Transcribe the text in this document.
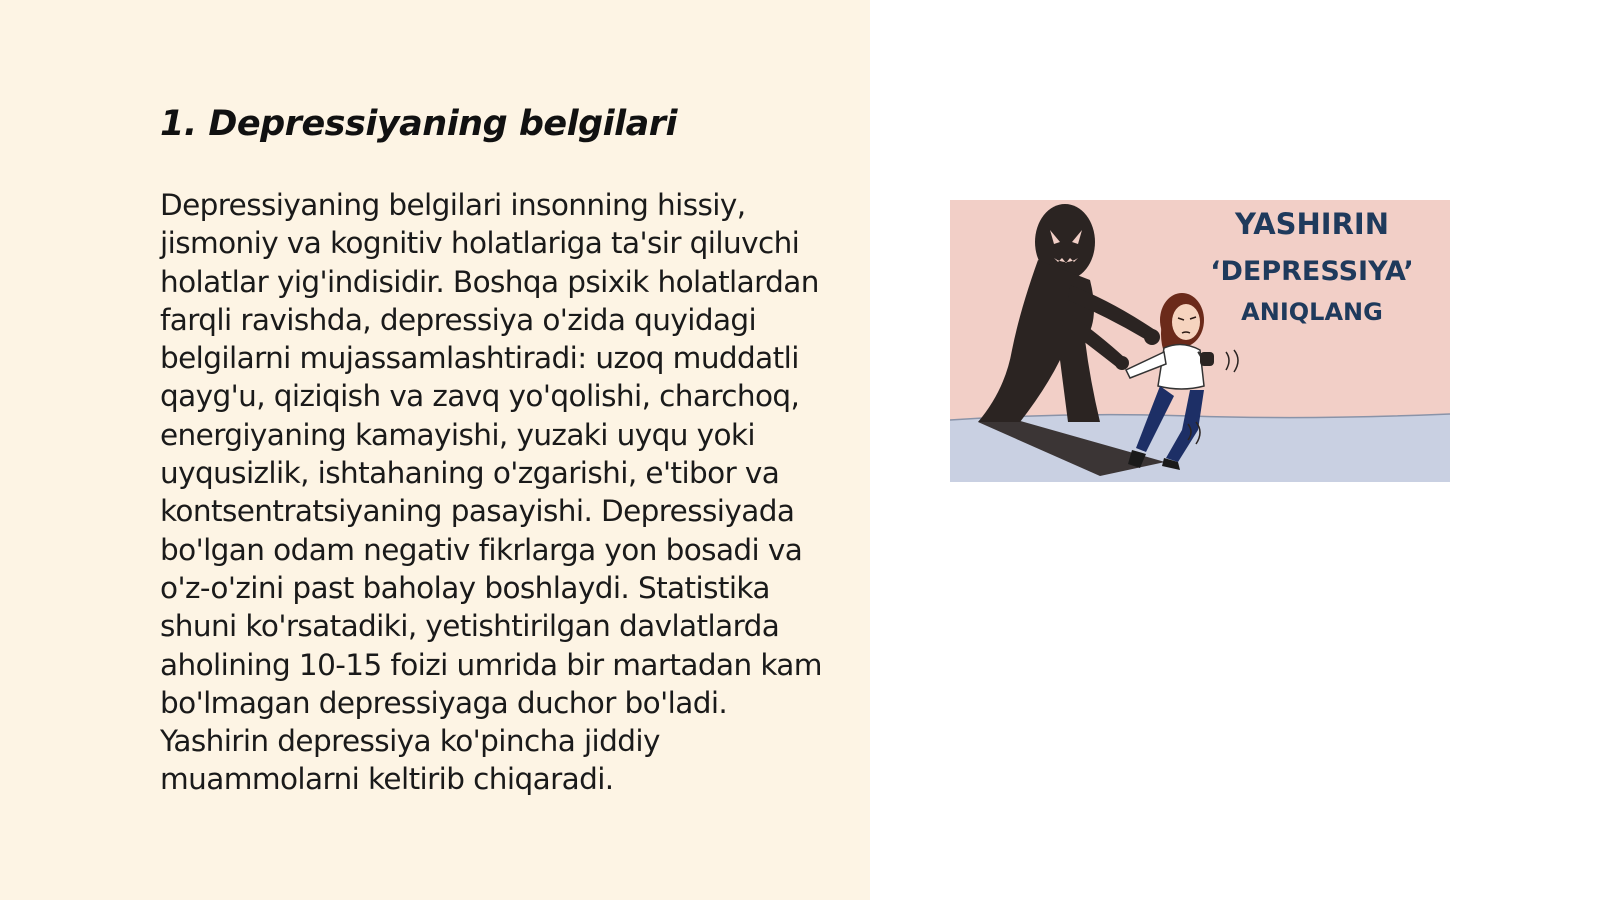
1. Depressiyaning belgilari

Depressiyaning belgilari insonning hissiy, jismoniy va kognitiv holatlariga ta'sir qiluvchi holatlar yig'indisidir. Boshqa psixik holatlardan farqli ravishda, depressiya o'zida quyidagi belgilarni mujassamlashtiradi: uzoq muddatli qayg'u, qiziqish va zavq yo'qolishi, charchoq, energiyaning kamayishi, yuzaki uyqu yoki uyqusizlik, ishtahaning o'zgarishi, e'tibor va kontsentratsiyaning pasayishi. Depressiyada bo'lgan odam negativ fikrlarga yon bosadi va o'z-o'zini past baholay boshlaydi. Statistika shuni ko'rsatadiki, yetishtirilgan davlatlarda aholining 10-15 foizi umrida bir martadan kam bo'lmagan depressiyaga duchor bo'ladi. Yashirin depressiya ko'pincha jiddiy muammolarni keltirib chiqaradi.

YASHIRIN
‘DEPRESSIYA’
ANIQLANG
